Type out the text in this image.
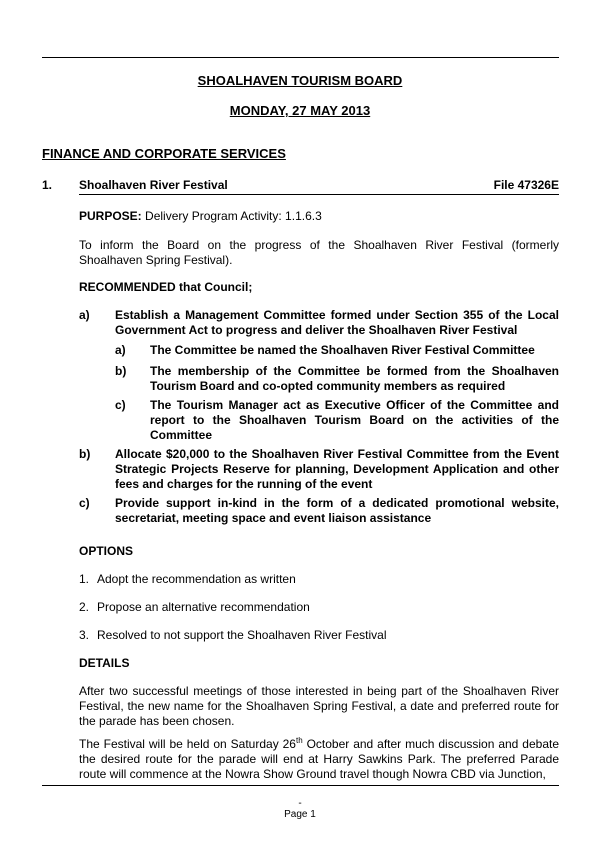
SHOALHAVEN TOURISM BOARD
MONDAY, 27 MAY 2013
FINANCE AND CORPORATE SERVICES
1. Shoalhaven River Festival	File 47326E
PURPOSE: Delivery Program Activity: 1.1.6.3
To inform the Board on the progress of the Shoalhaven River Festival (formerly Shoalhaven Spring Festival).
RECOMMENDED that Council;
a) Establish a Management Committee formed under Section 355 of the Local Government Act to progress and deliver the Shoalhaven River Festival
a) The Committee be named the Shoalhaven River Festival Committee
b) The membership of the Committee be formed from the Shoalhaven Tourism Board and co-opted community members as required
c) The Tourism Manager act as Executive Officer of the Committee and report to the Shoalhaven Tourism Board on the activities of the Committee
b) Allocate $20,000 to the Shoalhaven River Festival Committee from the Event Strategic Projects Reserve for planning, Development Application and other fees and charges for the running of the event
c) Provide support in-kind in the form of a dedicated promotional website, secretariat, meeting space and event liaison assistance
OPTIONS
1. Adopt the recommendation as written
2. Propose an alternative recommendation
3. Resolved to not support the Shoalhaven River Festival
DETAILS
After two successful meetings of those interested in being part of the Shoalhaven River Festival, the new name for the Shoalhaven Spring Festival, a date and preferred route for the parade has been chosen.
The Festival will be held on Saturday 26th October and after much discussion and debate the desired route for the parade will end at Harry Sawkins Park. The preferred Parade route will commence at the Nowra Show Ground travel though Nowra CBD via Junction,
-
Page 1
